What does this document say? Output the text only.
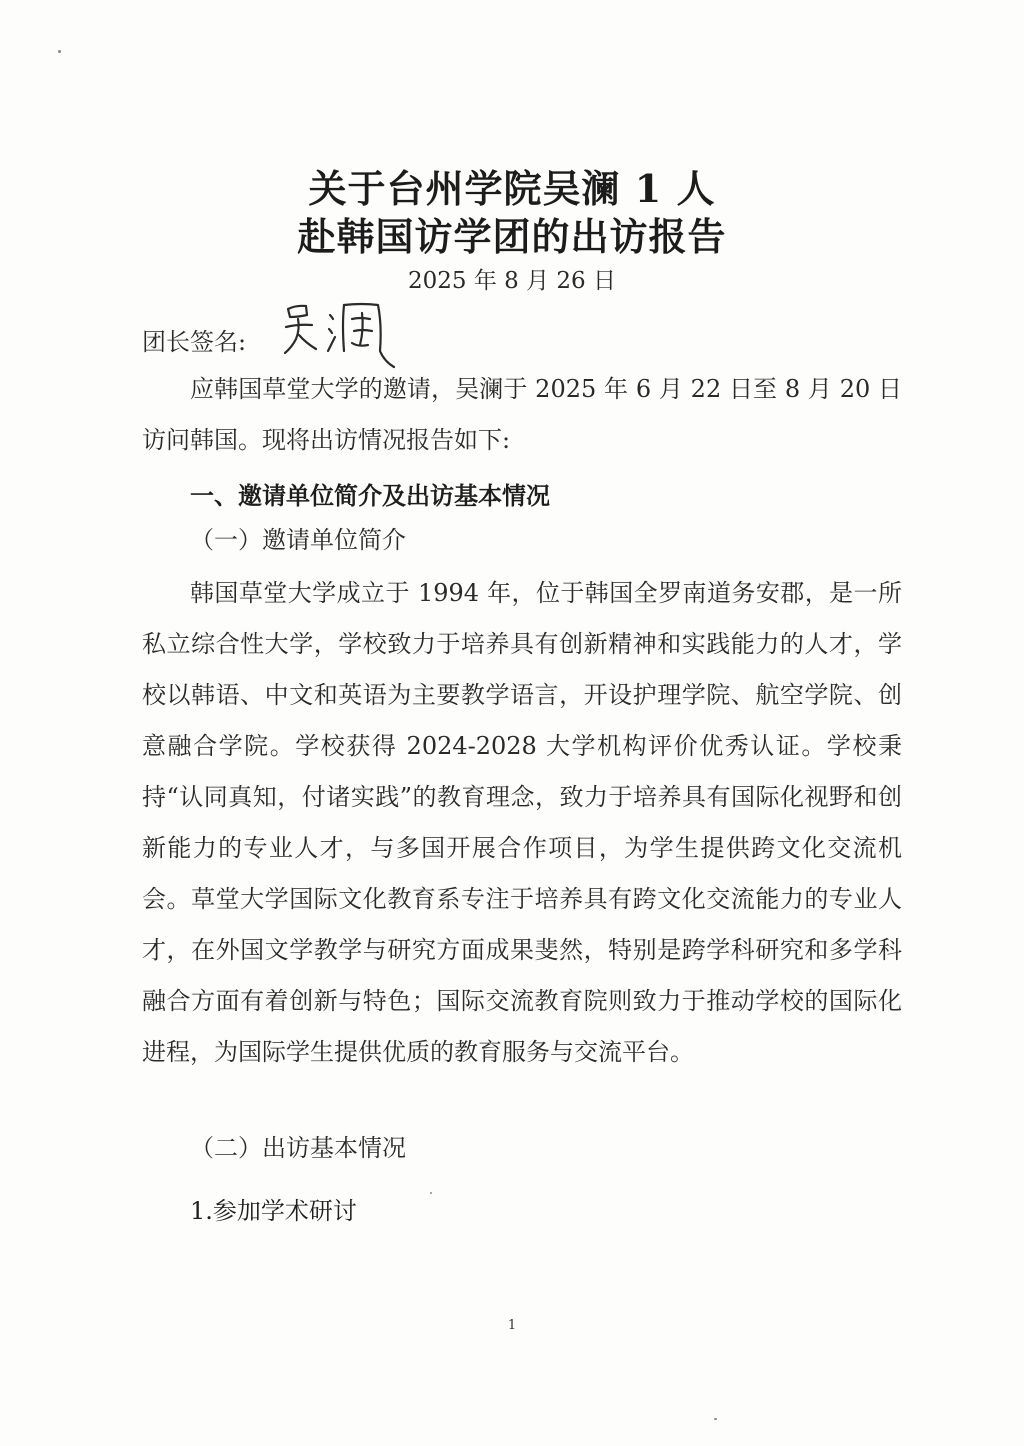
关于台州学院吴澜 1 人
赴韩国访学团的出访报告
2025 年 8 月 26 日
团长签名:

应韩国草堂大学的邀请，吴澜于 2025 年 6 月 22 日至 8 月 20 日访问韩国。现将出访情况报告如下:

一、邀请单位简介及出访基本情况
（一）邀请单位简介

韩国草堂大学成立于 1994 年，位于韩国全罗南道务安郡，是一所私立综合性大学，学校致力于培养具有创新精神和实践能力的人才，学校以韩语、中文和英语为主要教学语言，开设护理学院、航空学院、创意融合学院。学校获得 2024-2028 大学机构评价优秀认证。学校秉持“认同真知，付诸实践”的教育理念，致力于培养具有国际化视野和创新能力的专业人才，与多国开展合作项目，为学生提供跨文化交流机会。草堂大学国际文化教育系专注于培养具有跨文化交流能力的专业人才，在外国文学教学与研究方面成果斐然，特别是跨学科研究和多学科融合方面有着创新与特色；国际交流教育院则致力于推动学校的国际化进程，为国际学生提供优质的教育服务与交流平台。

（二）出访基本情况
1.参加学术研讨
1
